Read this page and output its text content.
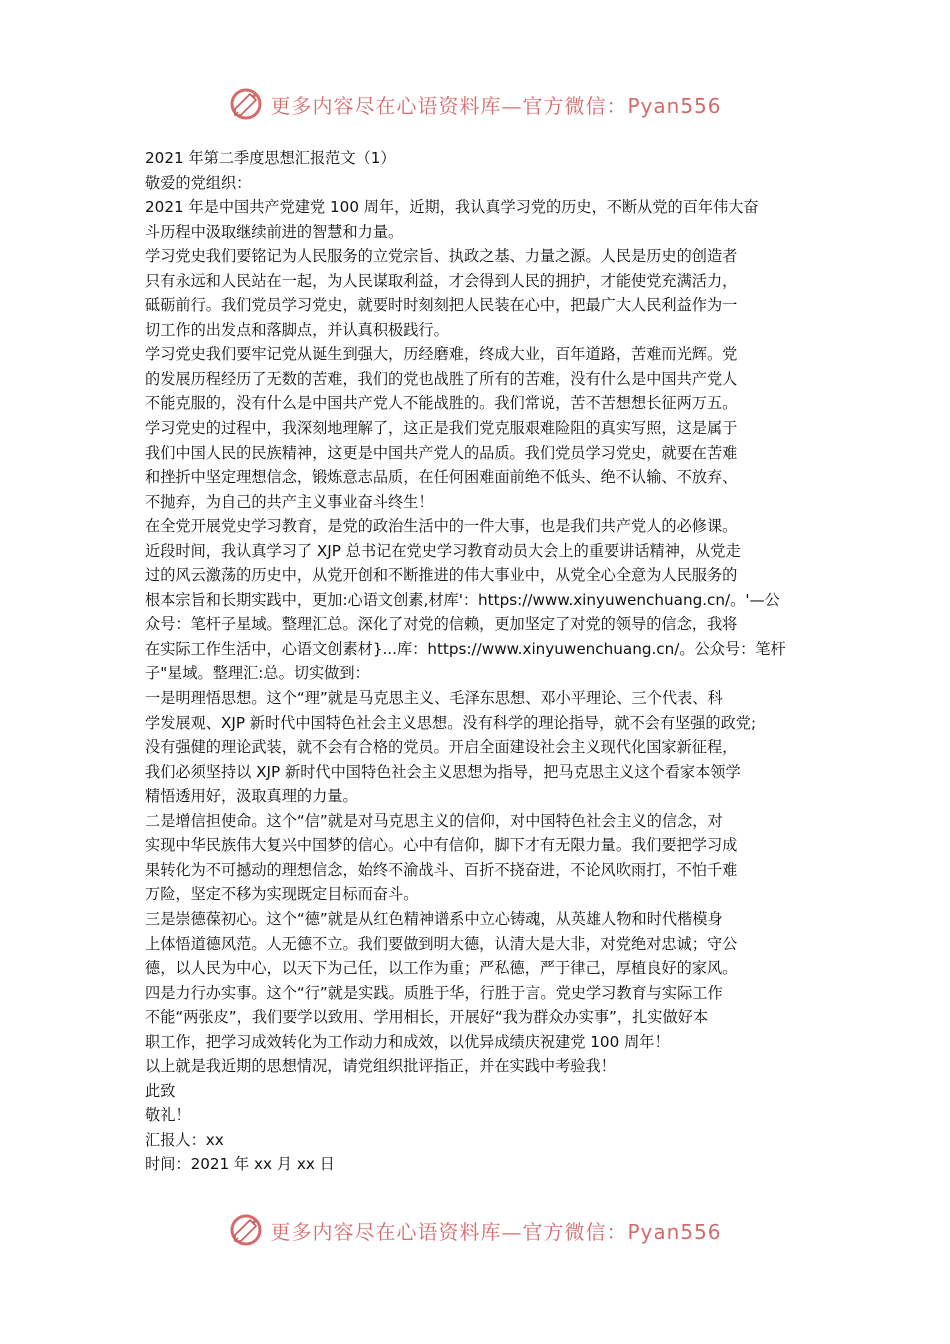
更多内容尽在心语资料库—官方微信：Pyan556
2021 年第二季度思想汇报范文（1）
敬爱的党组织：
2021 年是中国共产党建党 100 周年，近期，我认真学习党的历史，不断从党的百年伟大奋
斗历程中汲取继续前进的智慧和力量。
学习党史我们要铭记为人民服务的立党宗旨、执政之基、力量之源。人民是历史的创造者
只有永远和人民站在一起，为人民谋取利益，才会得到人民的拥护，才能使党充满活力，
砥砺前行。我们党员学习党史，就要时时刻刻把人民装在心中，把最广大人民利益作为一
切工作的出发点和落脚点，并认真积极践行。
学习党史我们要牢记党从诞生到强大，历经磨难，终成大业，百年道路，苦难而光辉。党
的发展历程经历了无数的苦难，我们的党也战胜了所有的苦难，没有什么是中国共产党人
不能克服的，没有什么是中国共产党人不能战胜的。我们常说，苦不苦想想长征两万五。
学习党史的过程中，我深刻地理解了，这正是我们党克服艰难险阻的真实写照，这是属于
我们中国人民的民族精神，这更是中国共产党人的品质。我们党员学习党史，就要在苦难
和挫折中坚定理想信念，锻炼意志品质，在任何困难面前绝不低头、绝不认输、不放弃、
不抛弃，为自己的共产主义事业奋斗终生！
在全党开展党史学习教育，是党的政治生活中的一件大事，也是我们共产党人的必修课。
近段时间，我认真学习了 XJP 总书记在党史学习教育动员大会上的重要讲话精神，从党走
过的风云激荡的历史中，从党开创和不断推进的伟大事业中，从党全心全意为人民服务的
根本宗旨和长期实践中，更加:心语文创素,材库'：https://www.xinyuwenchuang.cn/。'—公
众号：笔杆子星域。整理汇总。深化了对党的信赖，更加坚定了对党的领导的信念，我将
在实际工作生活中，心语文创素材}...库：https://www.xinyuwenchuang.cn/。公众号：笔杆
子"星域。整理汇:总。切实做到：
一是明理悟思想。这个“理”就是马克思主义、毛泽东思想、邓小平理论、三个代表、科
学发展观、XJP 新时代中国特色社会主义思想。没有科学的理论指导，就不会有坚强的政党;
没有强健的理论武装，就不会有合格的党员。开启全面建设社会主义现代化国家新征程，
我们必须坚持以 XJP 新时代中国特色社会主义思想为指导，把马克思主义这个看家本领学
精悟透用好，汲取真理的力量。
二是增信担使命。这个“信”就是对马克思主义的信仰，对中国特色社会主义的信念，对
实现中华民族伟大复兴中国梦的信心。心中有信仰，脚下才有无限力量。我们要把学习成
果转化为不可撼动的理想信念，始终不渝战斗、百折不挠奋进，不论风吹雨打，不怕千难
万险，坚定不移为实现既定目标而奋斗。
三是崇德葆初心。这个“德”就是从红色精神谱系中立心铸魂，从英雄人物和时代楷模身
上体悟道德风范。人无德不立。我们要做到明大德，认清大是大非，对党绝对忠诚；守公
德，以人民为中心，以天下为己任，以工作为重；严私德，严于律己，厚植良好的家风。
四是力行办实事。这个“行”就是实践。质胜于华，行胜于言。党史学习教育与实际工作
不能“两张皮”，我们要学以致用、学用相长，开展好“我为群众办实事”，扎实做好本
职工作，把学习成效转化为工作动力和成效，以优异成绩庆祝建党 100 周年！
以上就是我近期的思想情况，请党组织批评指正，并在实践中考验我！
此致
敬礼！
汇报人：xx
时间：2021 年 xx 月 xx 日
更多内容尽在心语资料库—官方微信：Pyan556
